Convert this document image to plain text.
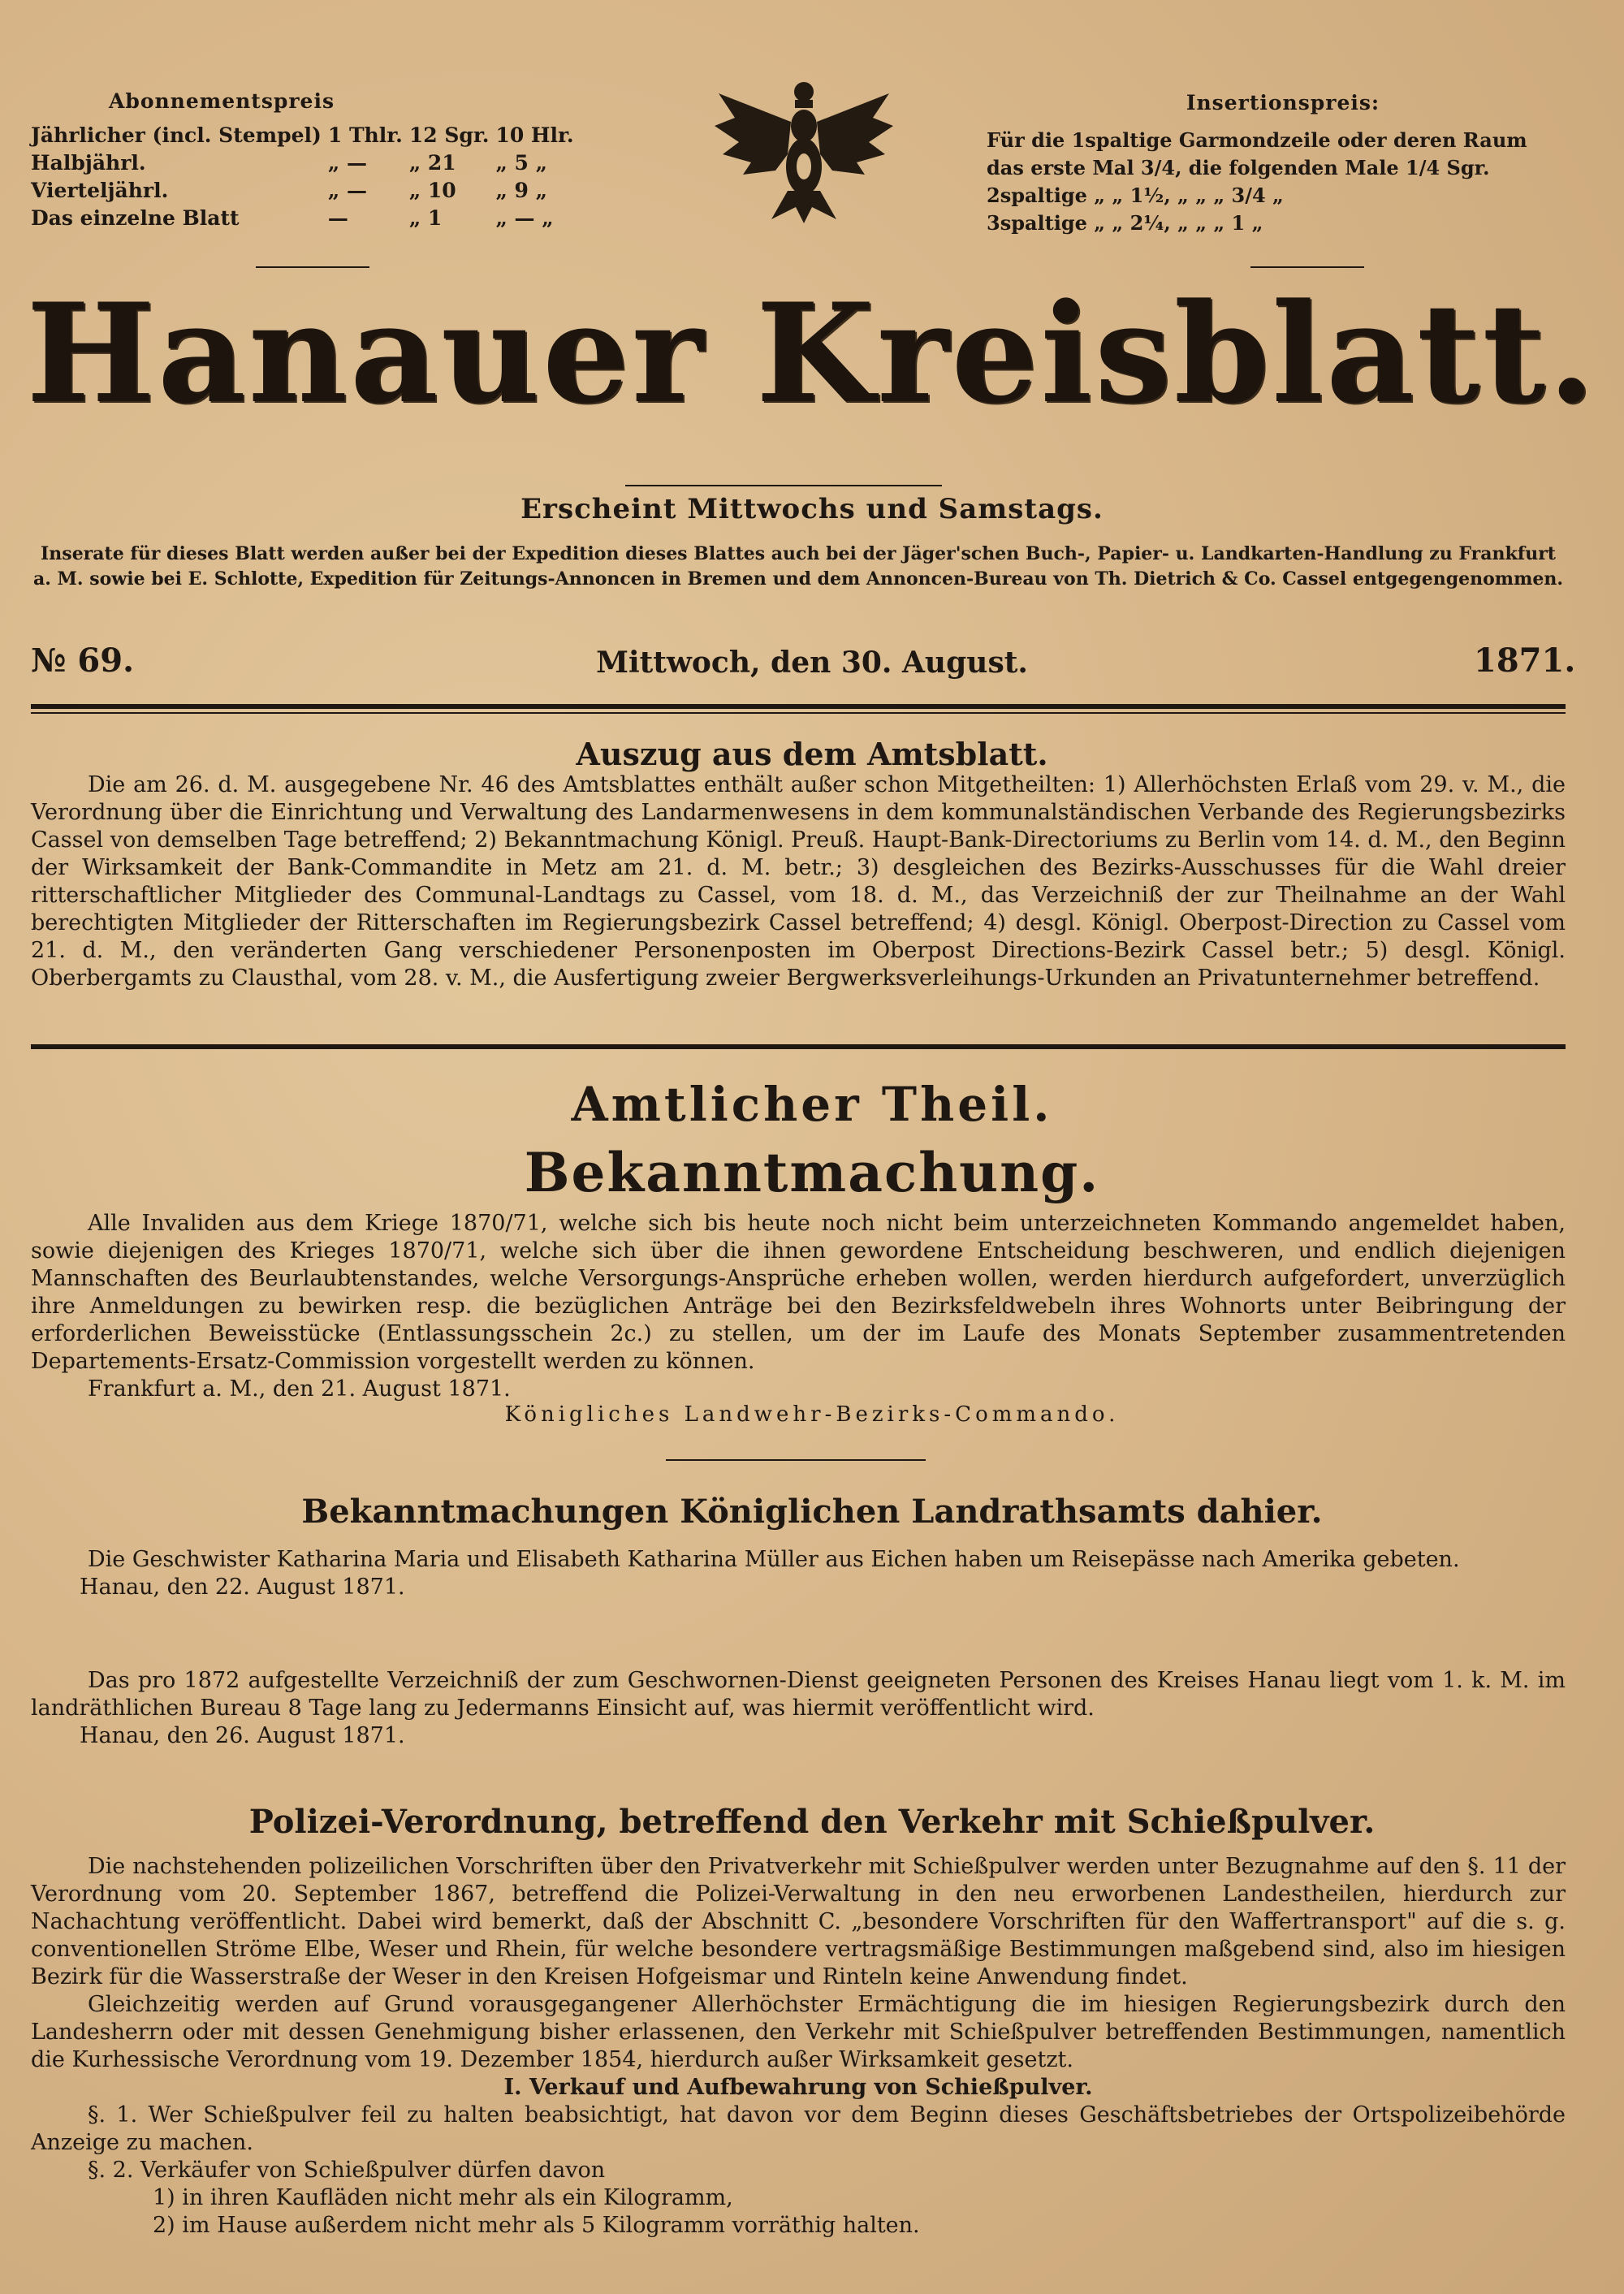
Abonnementspreis
Jährlicher (incl. Stempel)	1 Thlr.	12 Sgr.	10 Hlr.
Halbjährl.	„ —	„ 21	„ 5 „
Vierteljährl.	„ —	„ 10	„ 9 „
Das einzelne Blatt	—	„ 1	„ — „
Insertionspreis:
Für die 1spaltige Garmondzeile oder deren Raum
das erste Mal 3/4, die folgenden Male 1/4 Sgr.
2spaltige „ „ 1½, „ „ „ 3/4 „
3spaltige „ „ 2¼, „ „ „ 1 „
Hanauer Kreisblatt.
Erscheint Mittwochs und Samstags.
Inserate für dieses Blatt werden außer bei der Expedition dieses Blattes auch bei der Jäger'schen Buch-, Papier- u. Landkarten-Handlung zu Frankfurt a. M. sowie bei E. Schlotte, Expedition für Zeitungs-Annoncen in Bremen und dem Annoncen-Bureau von Th. Dietrich & Co. Cassel entgegengenommen.
№ 69.	Mittwoch, den 30. August.	1871.
Auszug aus dem Amtsblatt.

Die am 26. d. M. ausgegebene Nr. 46 des Amtsblattes enthält außer schon Mitgetheilten: 1) Allerhöchsten Erlaß vom 29. v. M., die Verordnung über die Einrichtung und Verwaltung des Landarmenwesens in dem kommunalständischen Verbande des Regierungsbezirks Cassel von demselben Tage betreffend; 2) Bekanntmachung Königl. Preuß. Haupt-Bank-Directoriums zu Berlin vom 14. d. M., den Beginn der Wirksamkeit der Bank-Commandite in Metz am 21. d. M. betr.; 3) desgleichen des Bezirks-Ausschusses für die Wahl dreier ritterschaftlicher Mitglieder des Communal-Landtags zu Cassel, vom 18. d. M., das Verzeichniß der zur Theilnahme an der Wahl berechtigten Mitglieder der Ritterschaften im Regierungsbezirk Cassel betreffend; 4) desgl. Königl. Oberpost-Direction zu Cassel vom 21. d. M., den veränderten Gang verschiedener Personenposten im Oberpost Directions-Bezirk Cassel betr.; 5) desgl. Königl. Oberbergamts zu Clausthal, vom 28. v. M., die Ausfertigung zweier Bergwerksverleihungs-Urkunden an Privatunternehmer betreffend.

Amtlicher Theil.
Bekanntmachung.

Alle Invaliden aus dem Kriege 1870/71, welche sich bis heute noch nicht beim unterzeichneten Kommando angemeldet haben, sowie diejenigen des Krieges 1870/71, welche sich über die ihnen gewordene Entscheidung beschweren, und endlich diejenigen Mannschaften des Beurlaubtenstandes, welche Versorgungs-Ansprüche erheben wollen, werden hierdurch aufgefordert, unverzüglich ihre Anmeldungen zu bewirken resp. die bezüglichen Anträge bei den Bezirksfeldwebeln ihres Wohnorts unter Beibringung der erforderlichen Beweisstücke (Entlassungsschein 2c.) zu stellen, um der im Laufe des Monats September zusammentretenden Departements-Ersatz-Commission vorgestellt werden zu können.

Frankfurt a. M., den 21. August 1871.

Königliches Landwehr-Bezirks-Commando.
Bekanntmachungen Königlichen Landrathsamts dahier.

Die Geschwister Katharina Maria und Elisabeth Katharina Müller aus Eichen haben um Reisepässe nach Amerika gebeten.

Hanau, den 22. August 1871.

Das pro 1872 aufgestellte Verzeichniß der zum Geschwornen-Dienst geeigneten Personen des Kreises Hanau liegt vom 1. k. M. im landräthlichen Bureau 8 Tage lang zu Jedermanns Einsicht auf, was hiermit veröffentlicht wird.

Hanau, den 26. August 1871.

Polizei-Verordnung, betreffend den Verkehr mit Schießpulver.

Die nachstehenden polizeilichen Vorschriften über den Privatverkehr mit Schießpulver werden unter Bezugnahme auf den §. 11 der Verordnung vom 20. September 1867, betreffend die Polizei-Verwaltung in den neu erworbenen Landestheilen, hierdurch zur Nachachtung veröffentlicht. Dabei wird bemerkt, daß der Abschnitt C. „besondere Vorschriften für den Waffertransport" auf die s. g. conventionellen Ströme Elbe, Weser und Rhein, für welche besondere vertragsmäßige Bestimmungen maßgebend sind, also im hiesigen Bezirk für die Wasserstraße der Weser in den Kreisen Hofgeismar und Rinteln keine Anwendung findet.

Gleichzeitig werden auf Grund vorausgegangener Allerhöchster Ermächtigung die im hiesigen Regierungsbezirk durch den Landesherrn oder mit dessen Genehmigung bisher erlassenen, den Verkehr mit Schießpulver betreffenden Bestimmungen, namentlich die Kurhessische Verordnung vom 19. Dezember 1854, hierdurch außer Wirksamkeit gesetzt.

I. Verkauf und Aufbewahrung von Schießpulver.

§. 1. Wer Schießpulver feil zu halten beabsichtigt, hat davon vor dem Beginn dieses Geschäftsbetriebes der Ortspolizeibehörde Anzeige zu machen.

§. 2. Verkäufer von Schießpulver dürfen davon

1) in ihren Kaufläden nicht mehr als ein Kilogramm,

2) im Hause außerdem nicht mehr als 5 Kilogramm vorräthig halten.
